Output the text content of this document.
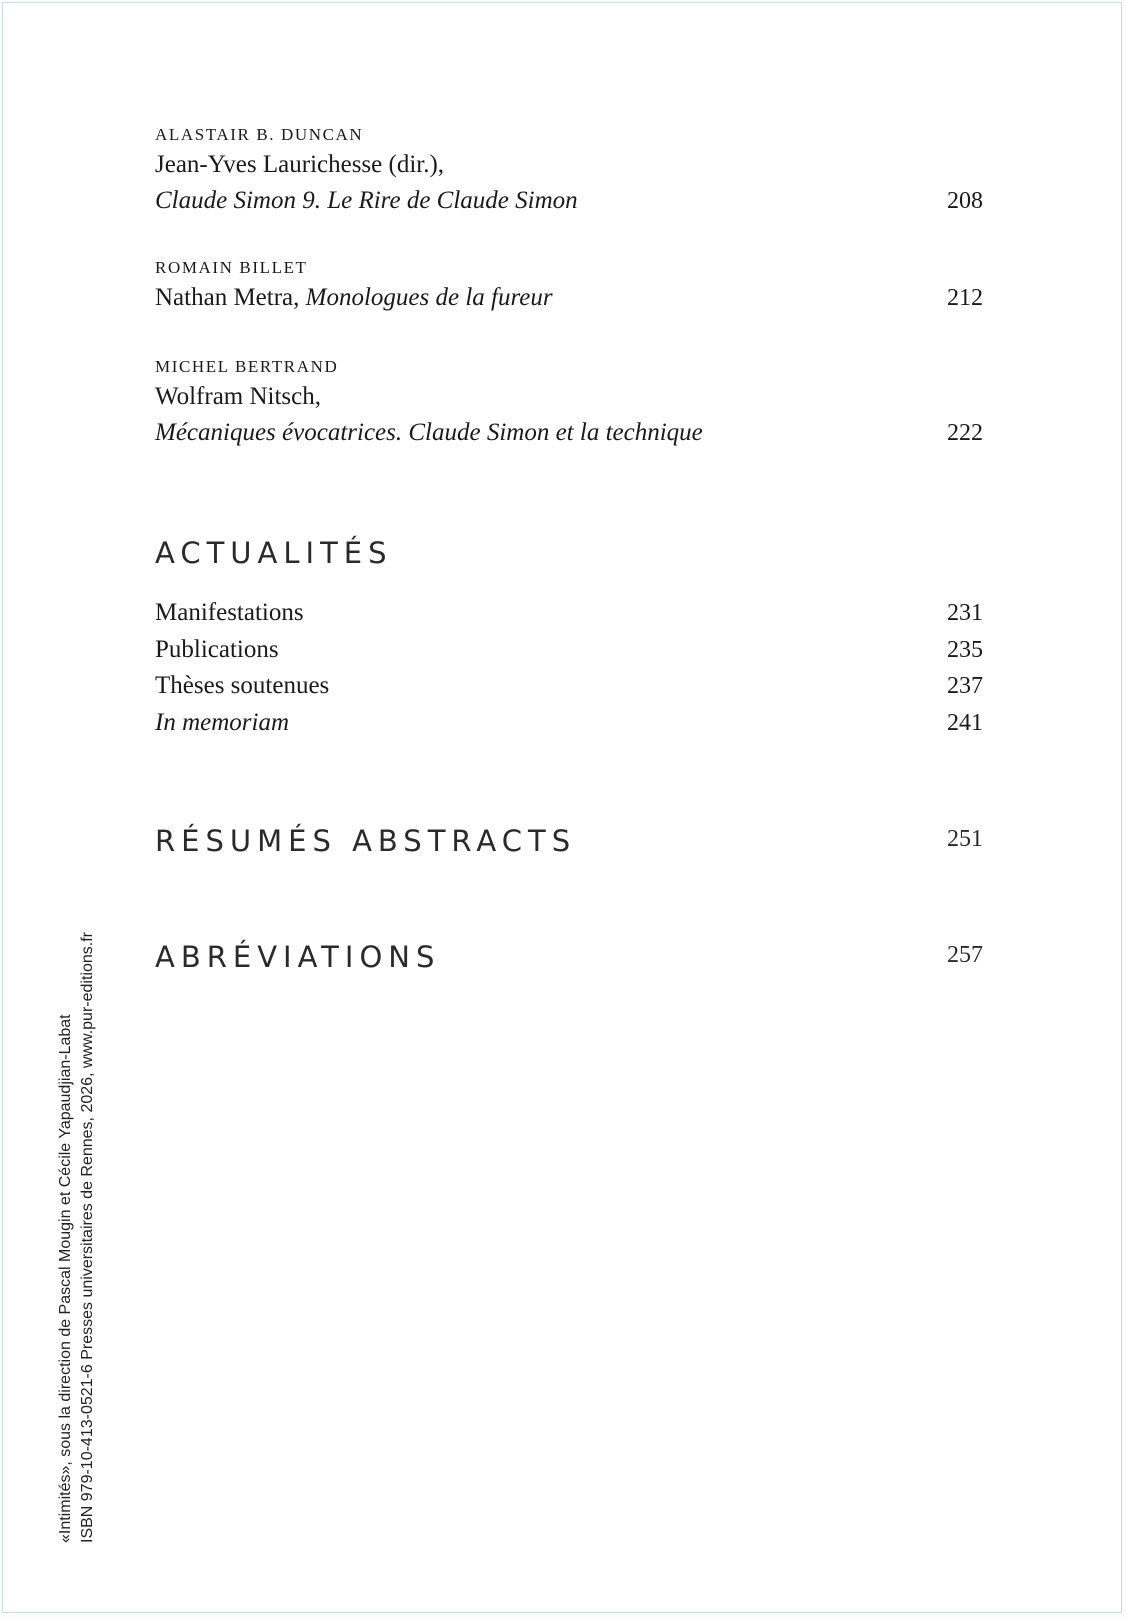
ALASTAIR B. DUNCAN
Jean-Yves Laurichesse (dir.),
Claude Simon 9. Le Rire de Claude Simon	208
ROMAIN BILLET
Nathan Metra, Monologues de la fureur	212
MICHEL BERTRAND
Wolfram Nitsch,
Mécaniques évocatrices. Claude Simon et la technique	222
ACTUALITÉS
Manifestations	231
Publications	235
Thèses soutenues	237
In memoriam	241
RÉSUMÉS ABSTRACTS	251
ABRÉVIATIONS	257
«Intimités», sous la direction de Pascal Mougin et Cécile Yapaudjian-Labat ISBN 979-10-413-0521-6 Presses universitaires de Rennes, 2026, www.pur-editions.fr
